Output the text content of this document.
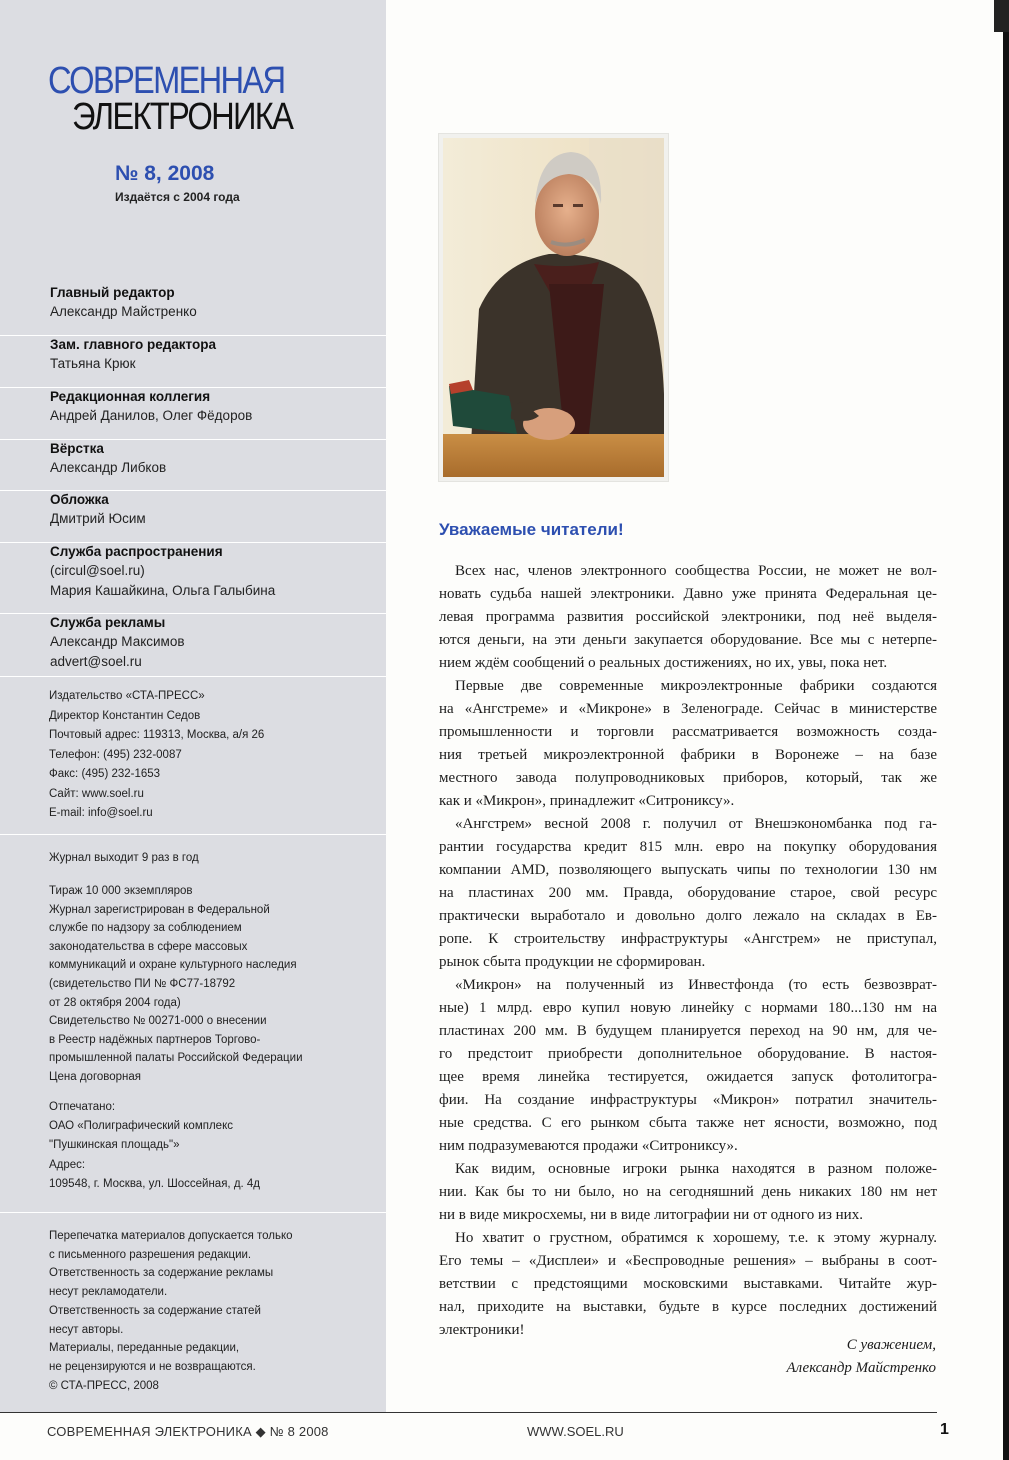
СОВРЕМЕННАЯ
ЭЛЕКТРОНИКА
№ 8, 2008
Издаётся с 2004 года
Главный редактор
Александр Майстренко
Зам. главного редактора
Татьяна Крюк
Редакционная коллегия
Андрей Данилов, Олег Фёдоров
Вёрстка
Александр Либков
Обложка
Дмитрий Юсим
Служба распространения
(circul@soel.ru)
Мария Кашайкина, Ольга Галыбина
Служба рекламы
Александр Максимов
advert@soel.ru
Издательство «СТА-ПРЕСС»
Директор Константин Седов
Почтовый адрес: 119313, Москва, а/я 26
Телефон: (495) 232-0087
Факс: (495) 232-1653
Сайт: www.soel.ru
E-mail: info@soel.ru
Журнал выходит 9 раз в год
Тираж 10 000 экземпляров
Журнал зарегистрирован в Федеральной
службе по надзору за соблюдением
законодательства в сфере массовых
коммуникаций и охране культурного наследия
(свидетельство ПИ № ФС77-18792
от 28 октября 2004 года)
Свидетельство № 00271-000 о внесении
в Реестр надёжных партнеров Торгово-
промышленной палаты Российской Федерации
Цена договорная
Отпечатано:
ОАО «Полиграфический комплекс
"Пушкинская площадь"»
Адрес:
109548, г. Москва, ул. Шоссейная, д. 4д
Перепечатка материалов допускается только
с письменного разрешения редакции.
Ответственность за содержание рекламы
несут рекламодатели.
Ответственность за содержание статей
несут авторы.
Материалы, переданные редакции,
не рецензируются и не возвращаются.
© СТА-ПРЕСС, 2008
Уважаемые читатели!
Всех нас, членов электронного сообщества России, не может не вол-
новать судьба нашей электроники. Давно уже принята Федеральная це-
левая программа развития российской электроники, под неё выделя-
ются деньги, на эти деньги закупается оборудование. Все мы с нетерпе-
нием ждём сообщений о реальных достижениях, но их, увы, пока нет.
Первые две современные микроэлектронные фабрики создаются
на «Ангстреме» и «Микроне» в Зеленограде. Сейчас в министерстве
промышленности и торговли рассматривается возможность созда-
ния третьей микроэлектронной фабрики в Воронеже – на базе
местного завода полупроводниковых приборов, который, так же
как и «Микрон», принадлежит «Ситрониксу».
«Ангстрем» весной 2008 г. получил от Внешэкономбанка под га-
рантии государства кредит 815 млн. евро на покупку оборудования
компании AMD, позволяющего выпускать чипы по технологии 130 нм
на пластинах 200 мм. Правда, оборудование старое, свой ресурс
практически выработало и довольно долго лежало на складах в Ев-
ропе. К строительству инфраструктуры «Ангстрем» не приступал,
рынок сбыта продукции не сформирован.
«Микрон» на полученный из Инвестфонда (то есть безвозврат-
ные) 1 млрд. евро купил новую линейку с нормами 180...130 нм на
пластинах 200 мм. В будущем планируется переход на 90 нм, для че-
го предстоит приобрести дополнительное оборудование. В настоя-
щее время линейка тестируется, ожидается запуск фотолитогра-
фии. На создание инфраструктуры «Микрон» потратил значитель-
ные средства. С его рынком сбыта также нет ясности, возможно, под
ним подразумеваются продажи «Ситрониксу».
Как видим, основные игроки рынка находятся в разном положе-
нии. Как бы то ни было, но на сегодняшний день никаких 180 нм нет
ни в виде микросхемы, ни в виде литографии ни от одного из них.
Но хватит о грустном, обратимся к хорошему, т.е. к этому журналу.
Его темы – «Дисплеи» и «Беспроводные решения» – выбраны в соот-
ветствии с предстоящими московскими выставками. Читайте жур-
нал, приходите на выставки, будьте в курсе последних достижений
электроники!
С уважением,
Александр Майстренко
СОВРЕМЕННАЯ ЭЛЕКТРОНИКА ◆ № 8 2008	WWW.SOEL.RU	1
